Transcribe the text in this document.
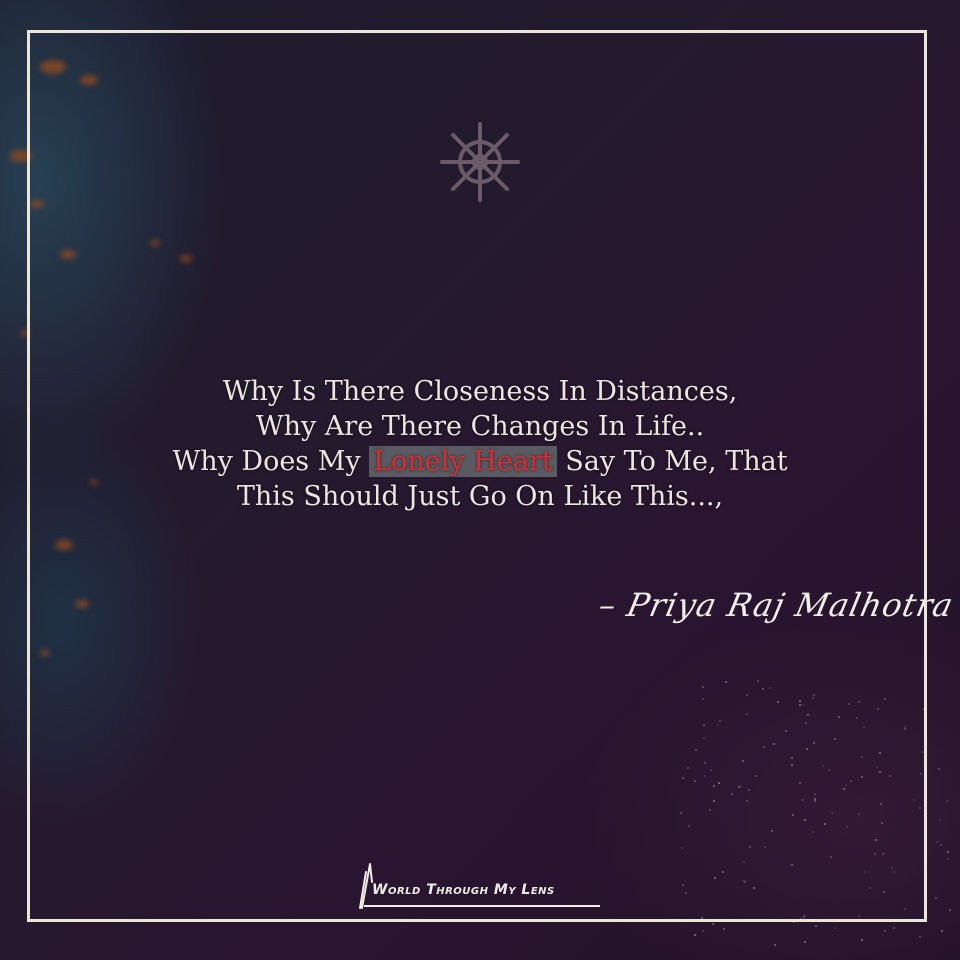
Why Is There Closeness In Distances,
Why Are There Changes In Life..
Why Does My Lonely Heart Say To Me, That
This Should Just Go On Like This...,
– Priya Raj Malhotra
World Through My Lens
